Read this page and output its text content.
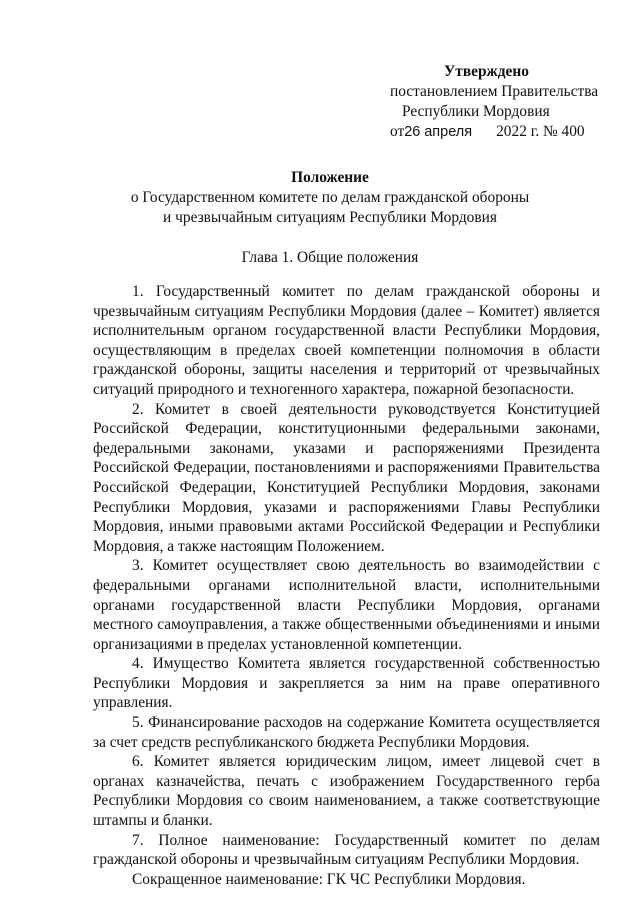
Утверждено
постановлением Правительства
Республики Мордовия
от26 апреля 2022 г. № 400
Положение
о Государственном комитете по делам гражданской обороны
и чрезвычайным ситуациям Республики Мордовия
Глава 1. Общие положения

1. Государственный комитет по делам гражданской обороны и чрезвычайным ситуациям Республики Мордовия (далее – Комитет) является исполнительным органом государственной власти Республики Мордовия, осуществляющим в пределах своей компетенции полномочия в области гражданской обороны, защиты населения и территорий от чрезвычайных ситуаций природного и техногенного характера, пожарной безопасности.

2. Комитет в своей деятельности руководствуется Конституцией Российской Федерации, конституционными федеральными законами, федеральными законами, указами и распоряжениями Президента Российской Федерации, постановлениями и распоряжениями Правительства Российской Федерации, Конституцией Республики Мордовия, законами Республики Мордовия, указами и распоряжениями Главы Республики Мордовия, иными правовыми актами Российской Федерации и Республики Мордовия, а также настоящим Положением.

3. Комитет осуществляет свою деятельность во взаимодействии с федеральными органами исполнительной власти, исполнительными органами государственной власти Республики Мордовия, органами местного самоуправления, а также общественными объединениями и иными организациями в пределах установленной компетенции.

4. Имущество Комитета является государственной собственностью Республики Мордовия и закрепляется за ним на праве оперативного управления.

5. Финансирование расходов на содержание Комитета осуществляется за счет средств республиканского бюджета Республики Мордовия.

6. Комитет является юридическим лицом, имеет лицевой счет в органах казначейства, печать с изображением Государственного герба Республики Мордовия со своим наименованием, а также соответствующие штампы и бланки.

7. Полное наименование: Государственный комитет по делам гражданской обороны и чрезвычайным ситуациям Республики Мордовия.

Сокращенное наименование: ГК ЧС Республики Мордовия.
